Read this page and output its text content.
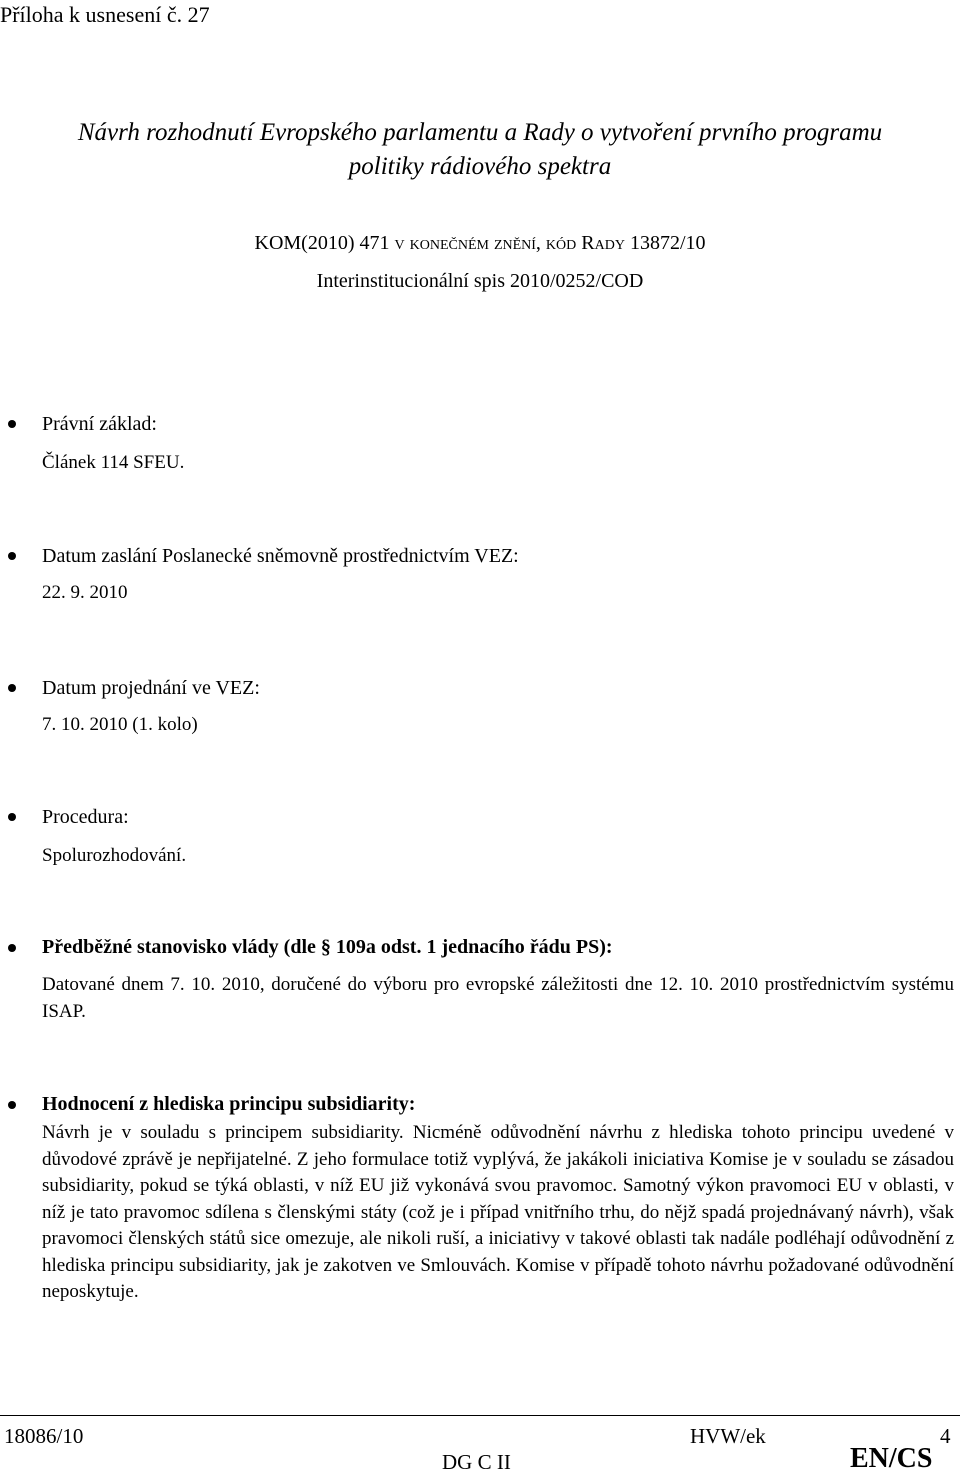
Příloha k usnesení č. 27
Návrh rozhodnutí Evropského parlamentu a Rady o vytvoření prvního programu
politiky rádiového spektra
KOM(2010) 471 v konečném znění, kód Rady 13872/10
Interinstitucionální spis 2010/0252/COD
Právní základ:
Článek 114 SFEU.
Datum zaslání Poslanecké sněmovně prostřednictvím VEZ:
22. 9. 2010
Datum projednání ve VEZ:
7. 10. 2010 (1. kolo)
Procedura:
Spolurozhodování.
Předběžné stanovisko vlády (dle § 109a odst. 1 jednacího řádu PS):
Datované dnem 7. 10. 2010, doručené do výboru pro evropské záležitosti dne 12. 10. 2010 prostřednictvím systému ISAP.
Hodnocení z hlediska principu subsidiarity:
Návrh je v souladu s principem subsidiarity. Nicméně odůvodnění návrhu z hlediska tohoto principu uvedené v důvodové zprávě je nepřijatelné. Z jeho formulace totiž vyplývá, že jakákoli iniciativa Komise je v souladu se zásadou subsidiarity, pokud se týká oblasti, v níž EU již vykonává svou pravomoc. Samotný výkon pravomoci EU v oblasti, v níž je tato pravomoc sdílena s členskými státy (což je i případ vnitřního trhu, do nějž spadá projednávaný návrh), však pravomoci členských států sice omezuje, ale nikoli ruší, a iniciativy v takové oblasti tak nadále podléhají odůvodnění z hlediska principu subsidiarity, jak je zakotven ve Smlouvách. Komise v případě tohoto návrhu požadované odůvodnění neposkytuje.
18086/10	HVW/ek	4
DG C II	EN/CS
